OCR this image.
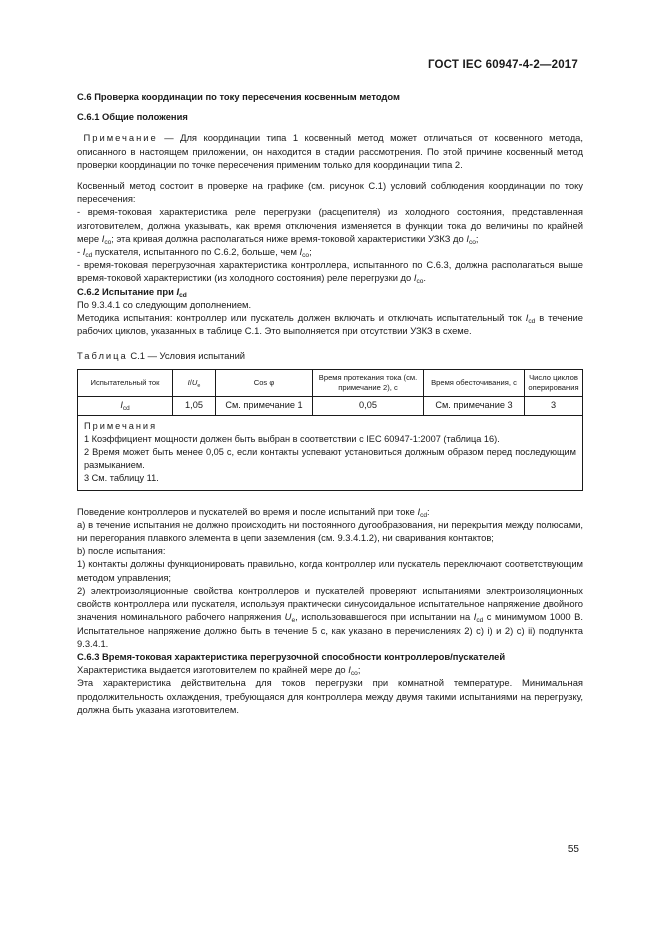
ГОСТ IEC 60947-4-2—2017
С.6 Проверка координации по току пересечения косвенным методом
С.6.1 Общие положения
Примечание — Для координации типа 1 косвенный метод может отличаться от косвенного метода, описанного в настоящем приложении, он находится в стадии рассмотрения. По этой причине косвенный метод проверки координации по точке пересечения применим только для координации типа 2.
Косвенный метод состоит в проверке на графике (см. рисунок С.1) условий соблюдения координации по току пересечения:
- время-токовая характеристика реле перегрузки (расцепителя) из холодного состояния, представленная изготовителем, должна указывать, как время отключения изменяется в функции тока до величины по крайней мере $I_{co}$; эта кривая должна располагаться ниже время-токовой характеристики УЗКЗ до $I_{co}$;
- $I_{cd}$ пускателя, испытанного по С.6.2, больше, чем $I_{co}$;
- время-токовая перегрузочная характеристика контроллера, испытанного по С.6.3, должна располагаться выше время-токовой характеристики (из холодного состояния) реле перегрузки до $I_{co}$.
С.6.2 Испытание при $I_{cd}$
По 9.3.4.1 со следующим дополнением.
Методика испытания: контроллер или пускатель должен включать и отключать испытательный ток $I_{cd}$ в течение рабочих циклов, указанных в таблице С.1. Это выполняется при отсутствии УЗКЗ в схеме.
Таблица С.1 — Условия испытаний
Испытательный ток	$I/U_e$	Cos φ	Время протекания тока (см. примечание 2), с	Время обесточивания, с	Число циклов оперирования
$I_{cd}$	1,05	См. примечание 1	0,05	См. примечание 3	3

Примечания
1 Коэффициент мощности должен быть выбран в соответствии с IEC 60947-1:2007 (таблица 16).
2 Время может быть менее 0,05 с, если контакты успевают установиться должным образом перед последующим размыканием.
3 См. таблицу 11.					
Поведение контроллеров и пускателей во время и после испытаний при токе $I_{cd}$:
а) в течение испытания не должно происходить ни постоянного дугообразования, ни перекрытия между полюсами, ни перегорания плавкого элемента в цепи заземления (см. 9.3.4.1.2), ни сваривания контактов;
b) после испытания:
1) контакты должны функционировать правильно, когда контроллер или пускатель переключают соответствующим методом управления;
2) электроизоляционные свойства контроллеров и пускателей проверяют испытаниями электроизоляционных свойств контроллера или пускателя, используя практически синусоидальное испытательное напряжение двойного значения номинального рабочего напряжения $U_e$, использовавшегося при испытании на $I_{cd}$ с минимумом 1000 В. Испытательное напряжение должно быть в течение 5 с, как указано в перечислениях 2) с) i) и 2) с) ii) подпункта 9.3.4.1.
С.6.3 Время-токовая характеристика перегрузочной способности контроллеров/пускателей
Характеристика выдается изготовителем по крайней мере до $I_{co}$;
Эта характеристика действительна для токов перегрузки при комнатной температуре. Минимальная продолжительность охлаждения, требующаяся для контроллера между двумя такими испытаниями на перегрузку, должна быть указана изготовителем.
55
